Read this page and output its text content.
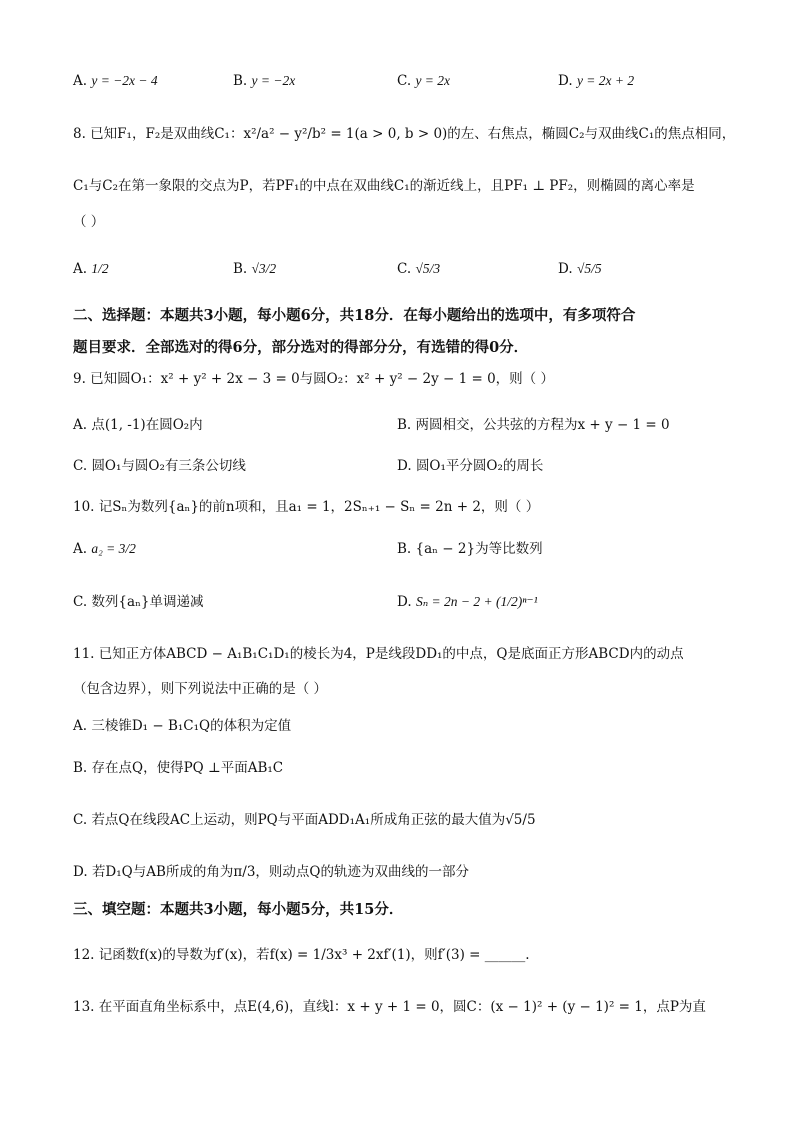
A. y = −2x − 4	B. y = −2x	C. y = 2x	D. y = 2x + 2
8. 已知F₁，F₂是双曲线C₁：x²/a² − y²/b² = 1(a > 0, b > 0)的左、右焦点，椭圆C₂与双曲线C₁的焦点相同，
C₁与C₂在第一象限的交点为P，若PF₁的中点在双曲线C₁的渐近线上，且PF₁ ⊥ PF₂，则椭圆的离心率是
（ ）
A. 1/2	B. √3/2	C. √5/3	D. √5/5
二、选择题：本题共3小题，每小题6分，共18分．在每小题给出的选项中，有多项符合
题目要求．全部选对的得6分，部分选对的得部分分，有选错的得0分．
9. 已知圆O₁：x² + y² + 2x − 3 = 0与圆O₂：x² + y² − 2y − 1 = 0，则（ ）
A. 点(1, -1)在圆O₂内	B. 两圆相交，公共弦的方程为x + y − 1 = 0
C. 圆O₁与圆O₂有三条公切线	D. 圆O₁平分圆O₂的周长
10. 记Sₙ为数列{aₙ}的前n项和，且a₁ = 1，2Sₙ₊₁ − Sₙ = 2n + 2，则（ ）
A. a₂ = 3/2	B. {aₙ − 2}为等比数列
C. 数列{aₙ}单调递减	D. Sₙ = 2n − 2 + (1/2)ⁿ⁻¹
11. 已知正方体ABCD − A₁B₁C₁D₁的棱长为4，P是线段DD₁的中点，Q是底面正方形ABCD内的动点
（包含边界），则下列说法中正确的是（ ）
A. 三棱锥D₁ − B₁C₁Q的体积为定值
B. 存在点Q，使得PQ ⊥平面AB₁C
C. 若点Q在线段AC上运动，则PQ与平面ADD₁A₁所成角正弦的最大值为√5/5
D. 若D₁Q与AB所成的角为π/3，则动点Q的轨迹为双曲线的一部分
三、填空题：本题共3小题，每小题5分，共15分．
12. 记函数f(x)的导数为f′(x)，若f(x) = 1/3x³ + 2xf′(1)，则f′(3) = ______.
13. 在平面直角坐标系中，点E(4,6)，直线l：x + y + 1 = 0，圆C：(x − 1)² + (y − 1)² = 1，点P为直
